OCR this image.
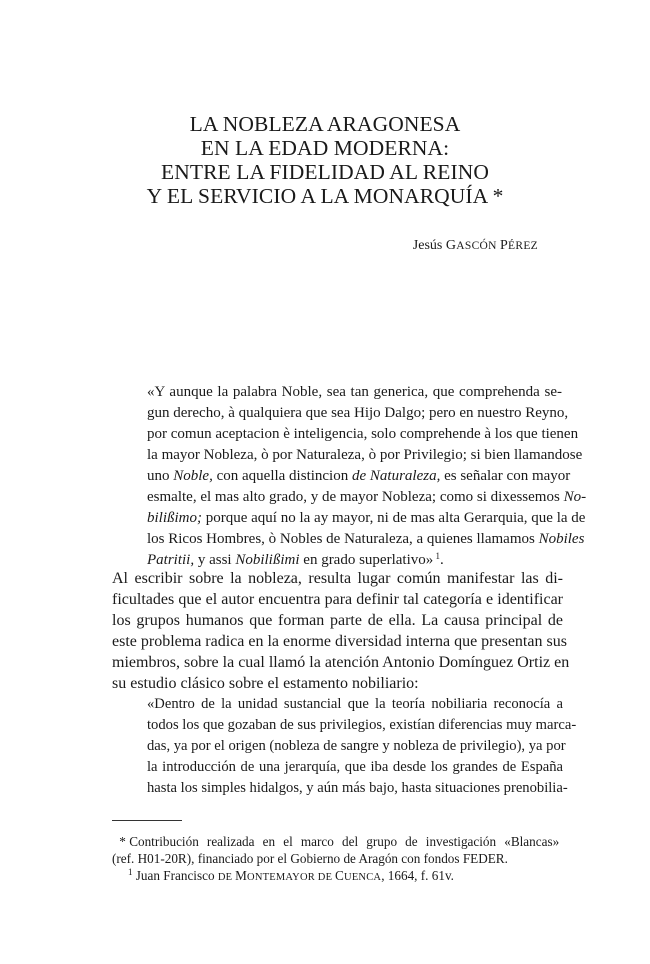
LA NOBLEZA ARAGONESA
EN LA EDAD MODERNA:
ENTRE LA FIDELIDAD AL REINO
Y EL SERVICIO A LA MONARQUÍA *
Jesús GASCÓN PÉREZ
«Y aunque la palabra Noble, sea tan generica, que comprehenda se-
gun derecho, à qualquiera que sea Hijo Dalgo; pero en nuestro Reyno,
por comun aceptacion è inteligencia, solo comprehende à los que tienen
la mayor Nobleza, ò por Naturaleza, ò por Privilegio; si bien llamandose
uno Noble, con aquella distincion de Naturaleza, es señalar con mayor
esmalte, el mas alto grado, y de mayor Nobleza; como si dixessemos No-
bilißimo; porque aquí no la ay mayor, ni de mas alta Gerarquia, que la de
los Ricos Hombres, ò Nobles de Naturaleza, a quienes llamamos Nobiles
Patritii, y assi Nobilißimi en grado superlativo» $^1$.
Al escribir sobre la nobleza, resulta lugar común manifestar las di-
ficultades que el autor encuentra para definir tal categoría e identificar
los grupos humanos que forman parte de ella. La causa principal de
este problema radica en la enorme diversidad interna que presentan sus
miembros, sobre la cual llamó la atención Antonio Domínguez Ortiz en
su estudio clásico sobre el estamento nobiliario:
«Dentro de la unidad sustancial que la teoría nobiliaria reconocía a
todos los que gozaban de sus privilegios, existían diferencias muy marca-
das, ya por el origen (nobleza de sangre y nobleza de privilegio), ya por
la introducción de una jerarquía, que iba desde los grandes de España
hasta los simples hidalgos, y aún más bajo, hasta situaciones prenobilia-
* Contribución realizada en el marco del grupo de investigación «Blancas»
(ref. H01-20R), financiado por el Gobierno de Aragón con fondos FEDER.
$^1$ Juan Francisco DE MONTEMAYOR DE CUENCA, 1664, f. 61v.
